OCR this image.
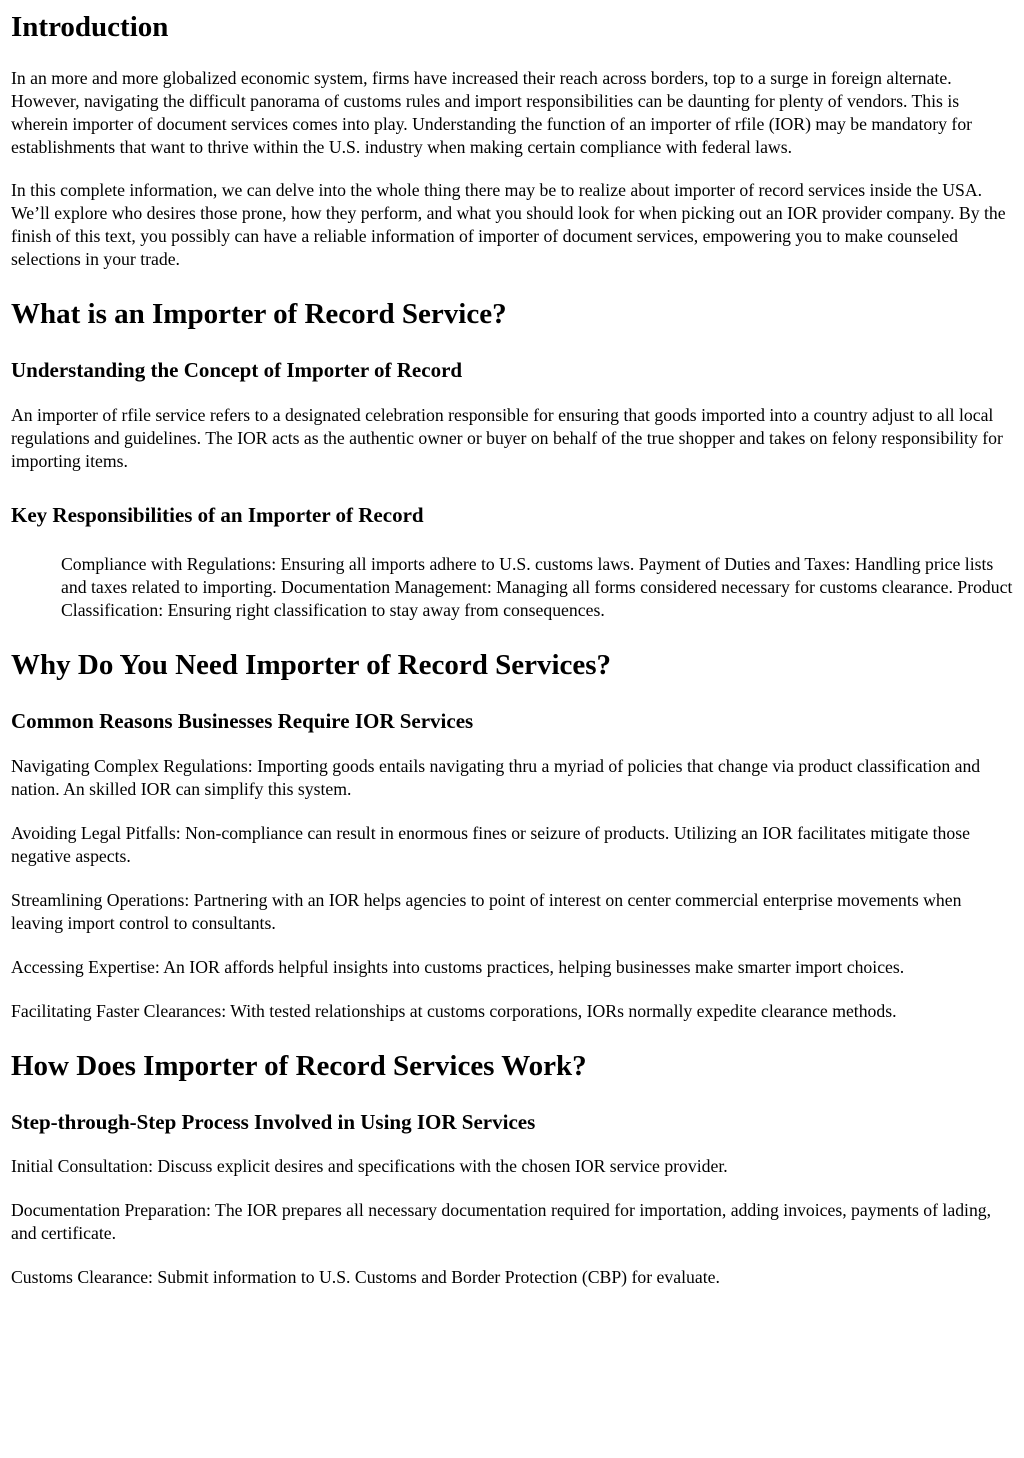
Introduction

In an more and more globalized economic system, firms have increased their reach across borders, top to a surge in foreign alternate. However, navigating the difficult panorama of customs rules and import responsibilities can be daunting for plenty of vendors. This is wherein importer of document services comes into play. Understanding the function of an importer of rfile (IOR) may be mandatory for establishments that want to thrive within the U.S. industry when making certain compliance with federal laws.

In this complete information, we can delve into the whole thing there may be to realize about importer of record services inside the USA. We’ll explore who desires those prone, how they perform, and what you should look for when picking out an IOR provider company. By the finish of this text, you possibly can have a reliable information of importer of document services, empowering you to make counseled selections in your trade.

What is an Importer of Record Service?
Understanding the Concept of Importer of Record

An importer of rfile service refers to a designated celebration responsible for ensuring that goods imported into a country adjust to all local regulations and guidelines. The IOR acts as the authentic owner or buyer on behalf of the true shopper and takes on felony responsibility for importing items.

Key Responsibilities of an Importer of Record
Compliance with Regulations: Ensuring all imports adhere to U.S. customs laws. Payment of Duties and Taxes: Handling price lists and taxes related to importing. Documentation Management: Managing all forms considered necessary for customs clearance. Product Classification: Ensuring right classification to stay away from consequences.
Why Do You Need Importer of Record Services?
Common Reasons Businesses Require IOR Services

Navigating Complex Regulations: Importing goods entails navigating thru a myriad of policies that change via product classification and nation. An skilled IOR can simplify this system.

Avoiding Legal Pitfalls: Non-compliance can result in enormous fines or seizure of products. Utilizing an IOR facilitates mitigate those negative aspects.

Streamlining Operations: Partnering with an IOR helps agencies to point of interest on center commercial enterprise movements when leaving import control to consultants.

Accessing Expertise: An IOR affords helpful insights into customs practices, helping businesses make smarter import choices.

Facilitating Faster Clearances: With tested relationships at customs corporations, IORs normally expedite clearance methods.

How Does Importer of Record Services Work?
Step-through-Step Process Involved in Using IOR Services

Initial Consultation: Discuss explicit desires and specifications with the chosen IOR service provider.

Documentation Preparation: The IOR prepares all necessary documentation required for importation, adding invoices, payments of lading, and certificate.

Customs Clearance: Submit information to U.S. Customs and Border Protection (CBP) for evaluate.
